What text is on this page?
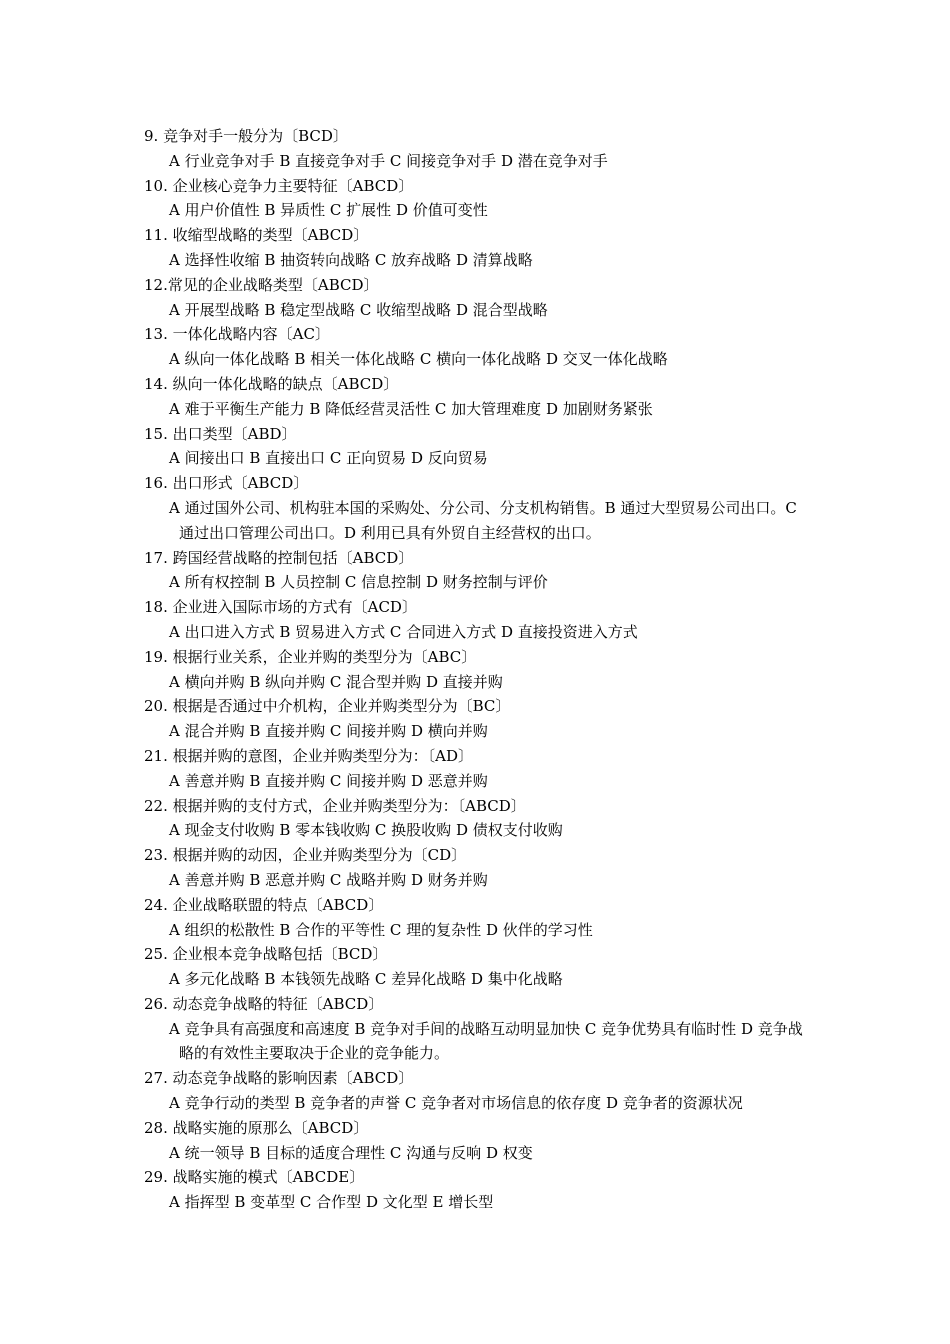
9. 竞争对手一般分为〔BCD〕
A 行业竞争对手 B 直接竞争对手 C 间接竞争对手 D 潜在竞争对手
10. 企业核心竞争力主要特征〔ABCD〕
A 用户价值性 B 异质性 C 扩展性 D 价值可变性
11. 收缩型战略的类型〔ABCD〕
A 选择性收缩 B 抽资转向战略 C 放弃战略 D 清算战略
12.常见的企业战略类型〔ABCD〕
A 开展型战略 B 稳定型战略 C 收缩型战略 D 混合型战略
13. 一体化战略内容〔AC〕
A 纵向一体化战略 B 相关一体化战略 C 横向一体化战略 D 交叉一体化战略
14. 纵向一体化战略的缺点〔ABCD〕
A 难于平衡生产能力 B 降低经营灵活性 C 加大管理难度 D 加剧财务紧张
15. 出口类型〔ABD〕
A 间接出口 B 直接出口 C 正向贸易 D 反向贸易
16. 出口形式〔ABCD〕
A 通过国外公司、机构驻本国的采购处、分公司、分支机构销售。B 通过大型贸易公司出口。C 通过出口管理公司出口。D 利用已具有外贸自主经营权的出口。
17. 跨国经营战略的控制包括〔ABCD〕
A 所有权控制 B 人员控制 C 信息控制 D 财务控制与评价
18. 企业进入国际市场的方式有〔ACD〕
A 出口进入方式 B 贸易进入方式 C 合同进入方式 D 直接投资进入方式
19. 根据行业关系，企业并购的类型分为〔ABC〕
A 横向并购 B 纵向并购 C 混合型并购 D 直接并购
20. 根据是否通过中介机构，企业并购类型分为〔BC〕
A 混合并购 B 直接并购 C 间接并购 D 横向并购
21. 根据并购的意图，企业并购类型分为：〔AD〕
A 善意并购 B 直接并购 C 间接并购 D 恶意并购
22. 根据并购的支付方式，企业并购类型分为：〔ABCD〕
A 现金支付收购 B 零本钱收购 C 换股收购 D 债权支付收购
23. 根据并购的动因，企业并购类型分为〔CD〕
A 善意并购 B 恶意并购 C 战略并购 D 财务并购
24. 企业战略联盟的特点〔ABCD〕
A 组织的松散性 B 合作的平等性 C 理的复杂性 D 伙伴的学习性
25. 企业根本竞争战略包括〔BCD〕
A 多元化战略 B 本钱领先战略 C 差异化战略 D 集中化战略
26. 动态竞争战略的特征〔ABCD〕
A 竞争具有高强度和高速度 B 竞争对手间的战略互动明显加快 C 竞争优势具有临时性 D 竞争战略的有效性主要取决于企业的竞争能力。
27. 动态竞争战略的影响因素〔ABCD〕
A 竞争行动的类型 B 竞争者的声誉 C 竞争者对市场信息的依存度 D 竞争者的资源状况
28. 战略实施的原那么〔ABCD〕
A 统一领导 B 目标的适度合理性 C 沟通与反响 D 权变
29. 战略实施的模式〔ABCDE〕
A 指挥型 B 变革型 C 合作型 D 文化型 E 增长型
